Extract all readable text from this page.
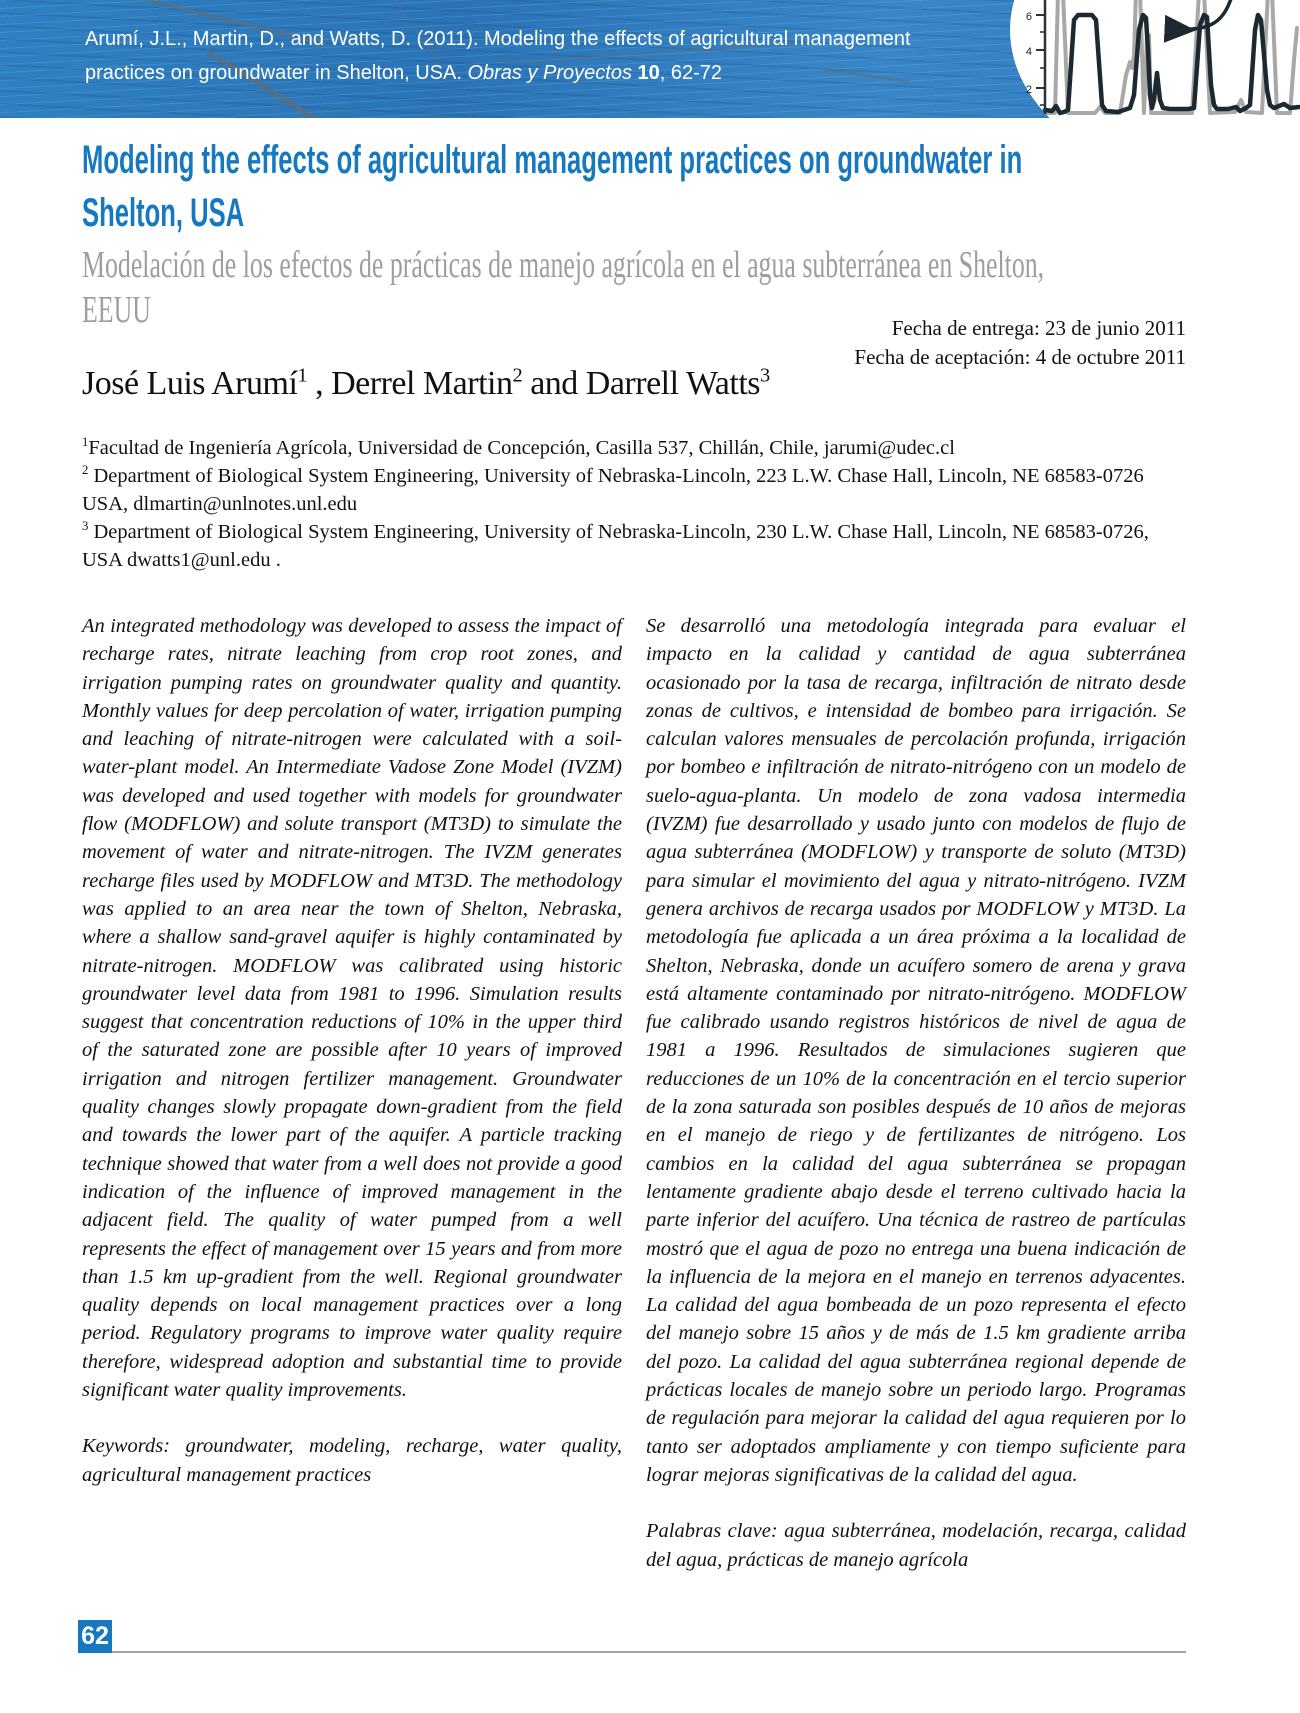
6
4
2

Arumí, J.L., Martin, D., and Watts, D. (2011). Modeling the effects of agricultural management practices on groundwater in Shelton, USA. Obras y Proyectos 10, 62-72

Modeling the effects of agricultural management practices on groundwater in
Shelton, USA
Modelación de los efectos de prácticas de manejo agrícola en el agua subterránea en Shelton,
EEUU	Fecha de entrega: 23 de junio 2011
Fecha de aceptación: 4 de octubre 2011
José Luis Arumí$^1$ , Derrel Martin$^2$ and Darrell Watts$^3$

$^1$Facultad de Ingeniería Agrícola, Universidad de Concepción, Casilla 537, Chillán, Chile, jarumi@udec.cl

$^2$ Department of Biological System Engineering, University of Nebraska-Lincoln, 223 L.W. Chase Hall, Lincoln, NE 68583-0726 USA, dlmartin@unlnotes.unl.edu

$^3$ Department of Biological System Engineering, University of Nebraska-Lincoln, 230 L.W. Chase Hall, Lincoln, NE 68583-0726, USA dwatts1@unl.edu .

An integrated methodology was developed to assess the impact of recharge rates, nitrate leaching from crop root zones, and irrigation pumping rates on groundwater quality and quantity. Monthly values for deep percolation of water, irrigation pumping and leaching of nitrate-nitrogen were calculated with a soil-water-plant model. An Intermediate Vadose Zone Model (IVZM) was developed and used together with models for groundwater flow (MODFLOW) and solute transport (MT3D) to simulate the movement of water and nitrate-nitrogen. The IVZM generates recharge files used by MODFLOW and MT3D. The methodology was applied to an area near the town of Shelton, Nebraska, where a shallow sand-gravel aquifer is highly contaminated by nitrate-nitrogen. MODFLOW was calibrated using historic groundwater level data from 1981 to 1996. Simulation results suggest that concentration reductions of 10% in the upper third of the saturated zone are possible after 10 years of improved irrigation and nitrogen fertilizer management. Groundwater quality changes slowly propagate down-gradient from the field and towards the lower part of the aquifer. A particle tracking technique showed that water from a well does not provide a good indication of the influence of improved management in the adjacent field. The quality of water pumped from a well represents the effect of management over 15 years and from more than 1.5 km up-gradient from the well. Regional groundwater quality depends on local management practices over a long period. Regulatory programs to improve water quality require therefore, widespread adoption and substantial time to provide significant water quality improvements.

Keywords: groundwater, modeling, recharge, water quality, agricultural management practices

Se desarrolló una metodología integrada para evaluar el impacto en la calidad y cantidad de agua subterránea ocasionado por la tasa de recarga, infiltración de nitrato desde zonas de cultivos, e intensidad de bombeo para irrigación. Se calculan valores mensuales de percolación profunda, irrigación por bombeo e infiltración de nitrato-nitrógeno con un modelo de suelo-agua-planta. Un modelo de zona vadosa intermedia (IVZM) fue desarrollado y usado junto con modelos de flujo de agua subterránea (MODFLOW) y transporte de soluto (MT3D) para simular el movimiento del agua y nitrato-nitrógeno. IVZM genera archivos de recarga usados por MODFLOW y MT3D. La metodología fue aplicada a un área próxima a la localidad de Shelton, Nebraska, donde un acuífero somero de arena y grava está altamente contaminado por nitrato-nitrógeno. MODFLOW fue calibrado usando registros históricos de nivel de agua de 1981 a 1996. Resultados de simulaciones sugieren que reducciones de un 10% de la concentración en el tercio superior de la zona saturada son posibles después de 10 años de mejoras en el manejo de riego y de fertilizantes de nitrógeno. Los cambios en la calidad del agua subterránea se propagan lentamente gradiente abajo desde el terreno cultivado hacia la parte inferior del acuífero. Una técnica de rastreo de partículas mostró que el agua de pozo no entrega una buena indicación de la influencia de la mejora en el manejo en terrenos adyacentes. La calidad del agua bombeada de un pozo representa el efecto del manejo sobre 15 años y de más de 1.5 km gradiente arriba del pozo. La calidad del agua subterránea regional depende de prácticas locales de manejo sobre un periodo largo. Programas de regulación para mejorar la calidad del agua requieren por lo tanto ser adoptados ampliamente y con tiempo suficiente para lograr mejoras significativas de la calidad del agua.

Palabras clave: agua subterránea, modelación, recarga, calidad del agua, prácticas de manejo agrícola

62
